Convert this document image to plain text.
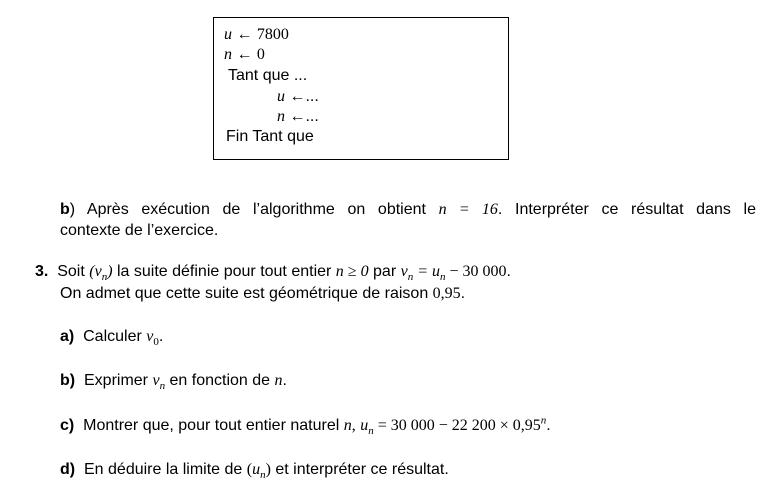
u ← 7800
n ← 0
Tant que ...
u ←...
n ←...
Fin Tant que
b) Après exécution de l’algorithme on obtient n = 16. Interpréter ce résultat dans le
contexte de l’exercice.
3. Soit $(v_n)$ la suite définie pour tout entier n ≥ 0 par $v_n = u_n - 30$ 000.
On admet que cette suite est géométrique de raison 0,95.
a) Calculer $v_0$.
b) Exprimer $v_n$ en fonction de n.
c) Montrer que, pour tout entier naturel n, $u_n = 30$ 000 − 22 $200 \times 0,95^n$.
d) En déduire la limite de $(u_n)$ et interpréter ce résultat.
